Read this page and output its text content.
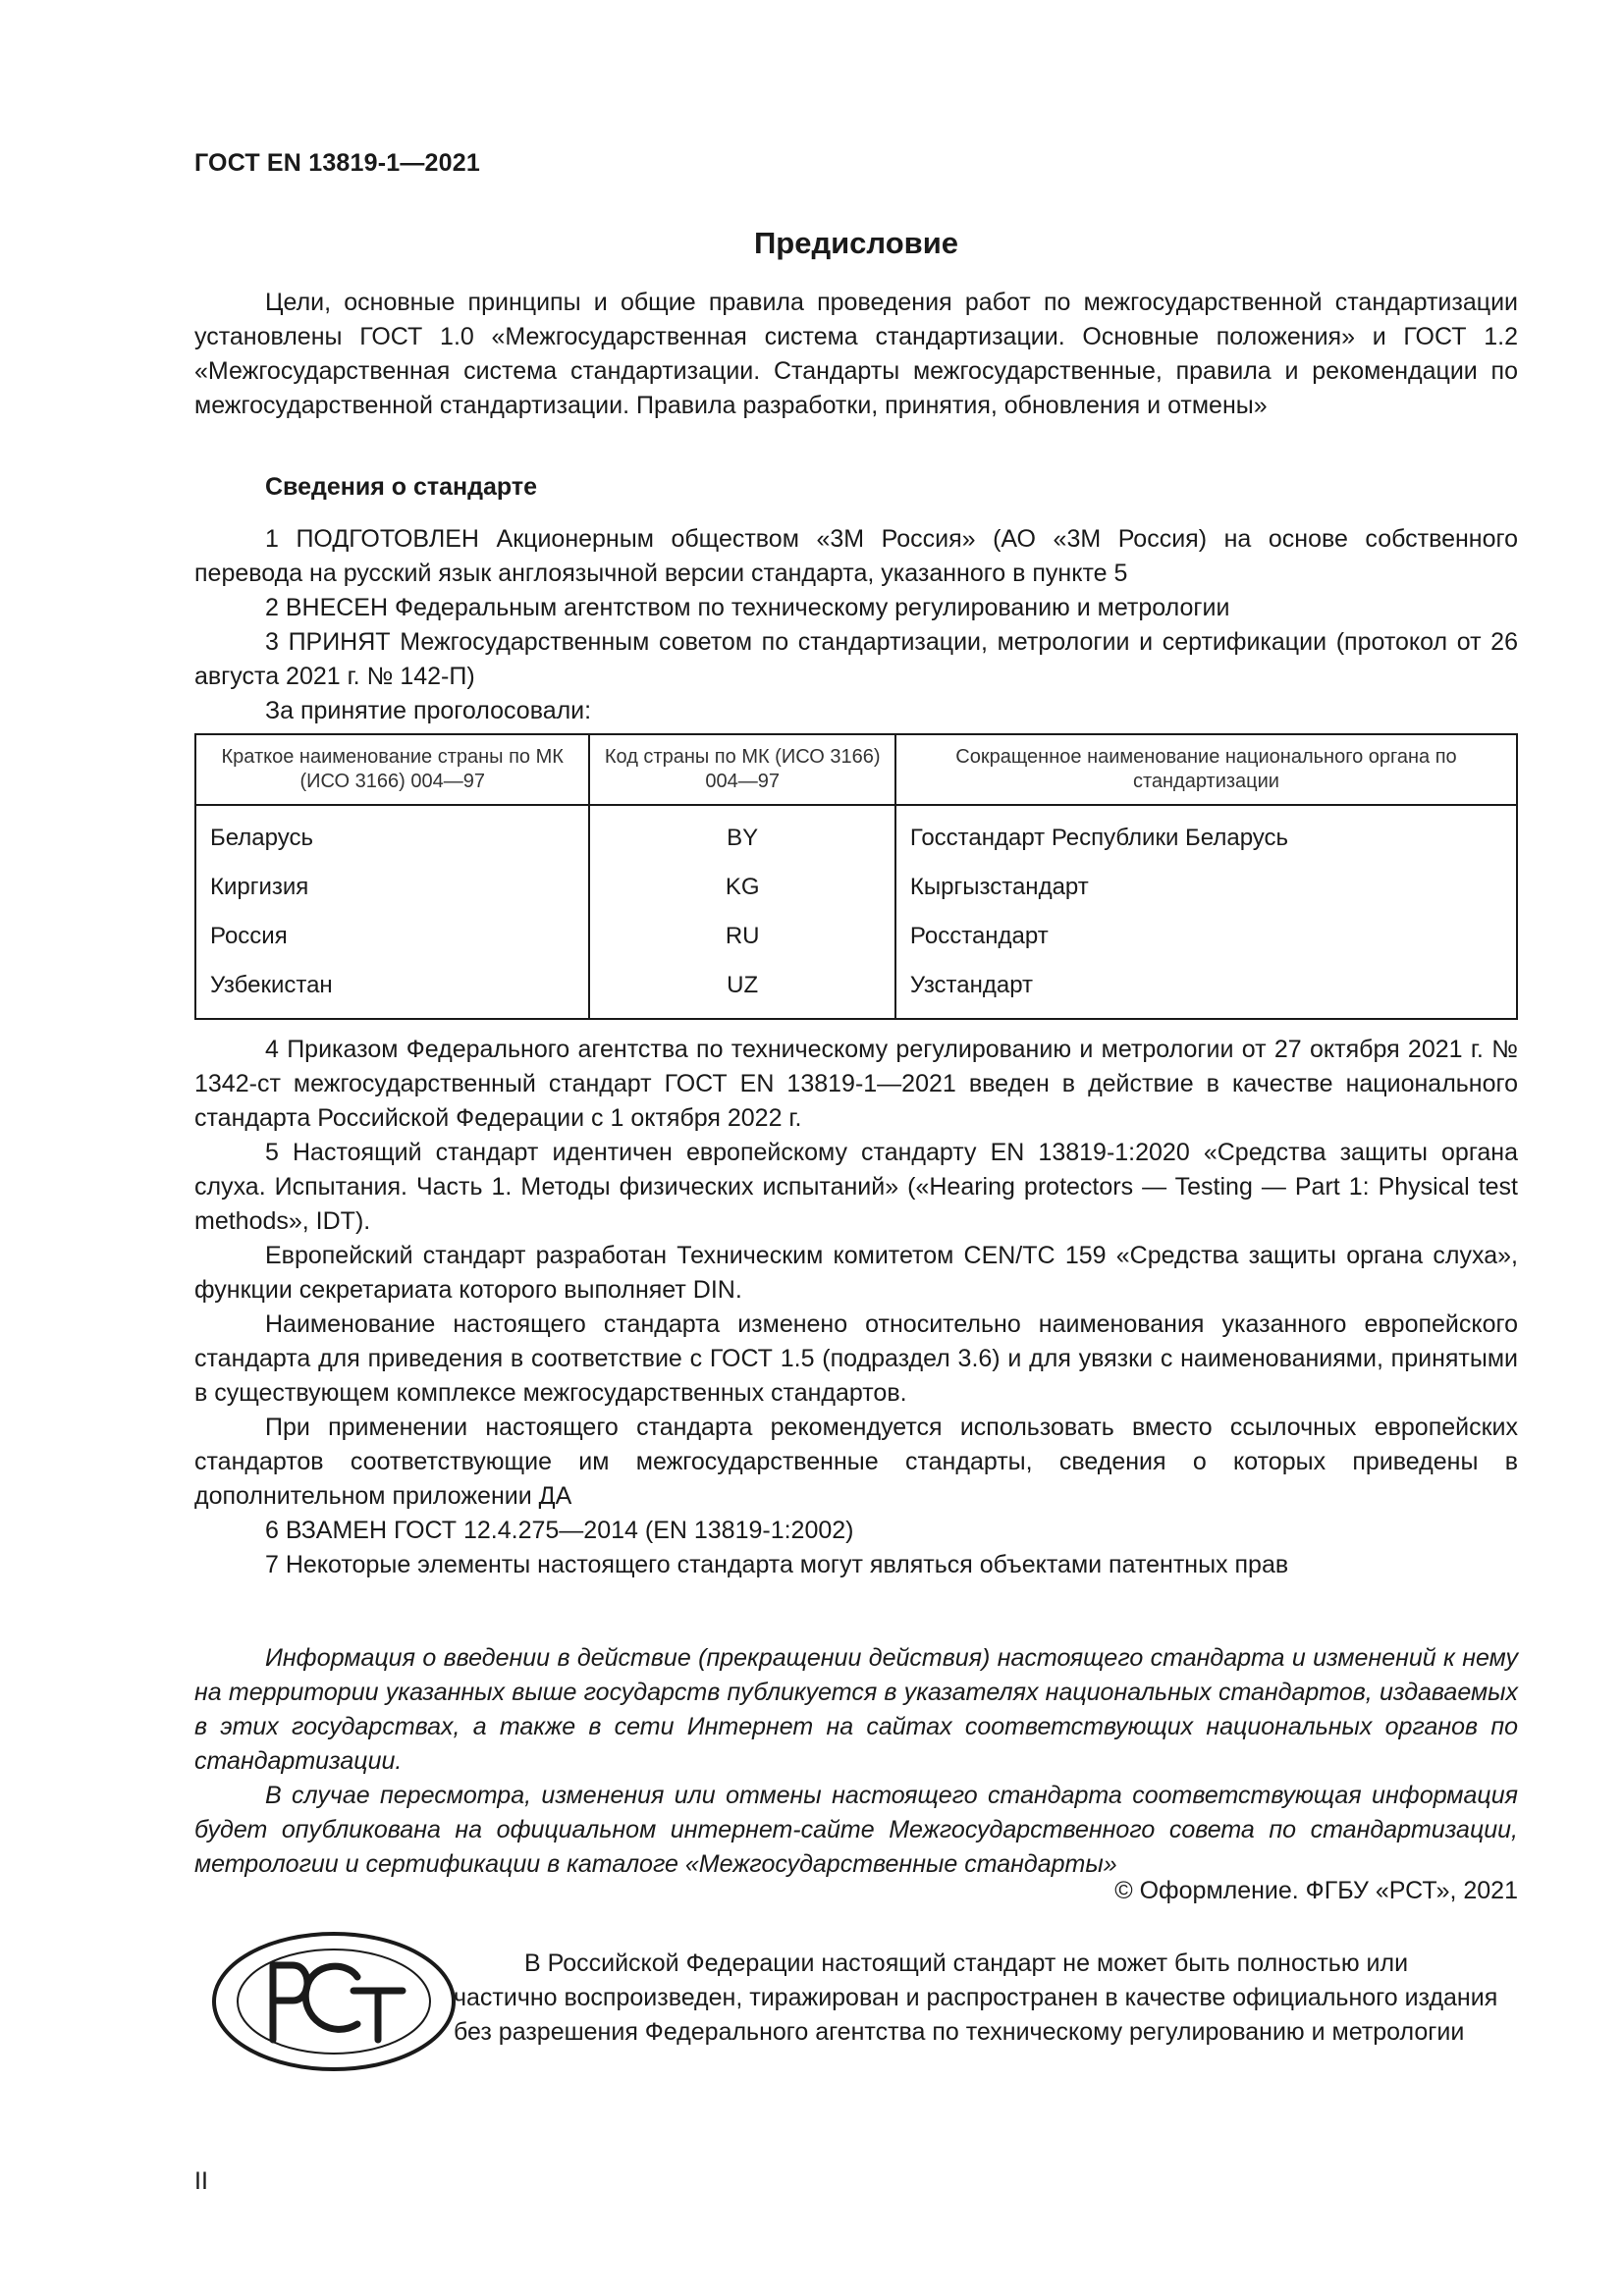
ГОСТ EN 13819-1—2021
Предисловие
Цели, основные принципы и общие правила проведения работ по межгосударственной стандартизации установлены ГОСТ 1.0 «Межгосударственная система стандартизации. Основные положения» и ГОСТ 1.2 «Межгосударственная система стандартизации. Стандарты межгосударственные, правила и рекомендации по межгосударственной стандартизации. Правила разработки, принятия, обновления и отмены»
Сведения о стандарте
1 ПОДГОТОВЛЕН Акционерным обществом «3М Россия» (АО «3М Россия) на основе собственного перевода на русский язык англоязычной версии стандарта, указанного в пункте 5
2 ВНЕСЕН Федеральным агентством по техническому регулированию и метрологии
3 ПРИНЯТ Межгосударственным советом по стандартизации, метрологии и сертификации (протокол от 26 августа 2021 г. № 142-П)
За принятие проголосовали:
Краткое наименование страны по МК (ИСО 3166) 004—97	Код страны по МК (ИСО 3166) 004—97	Сокращенное наименование национального органа по стандартизации
Беларусь	BY	Госстандарт Республики Беларусь
Киргизия	KG	Кыргызстандарт
Россия	RU	Росстандарт
Узбекистан	UZ	Узстандарт
4 Приказом Федерального агентства по техническому регулированию и метрологии от 27 октября 2021 г. № 1342-ст межгосударственный стандарт ГОСТ EN 13819-1—2021 введен в действие в качестве национального стандарта Российской Федерации с 1 октября 2022 г.
5 Настоящий стандарт идентичен европейскому стандарту EN 13819-1:2020 «Средства защиты органа слуха. Испытания. Часть 1. Методы физических испытаний» («Hearing protectors — Testing — Part 1: Physical test methods», IDT).
Европейский стандарт разработан Техническим комитетом CEN/TC 159 «Средства защиты органа слуха», функции секретариата которого выполняет DIN.
Наименование настоящего стандарта изменено относительно наименования указанного европейского стандарта для приведения в соответствие с ГОСТ 1.5 (подраздел 3.6) и для увязки с наименованиями, принятыми в существующем комплексе межгосударственных стандартов.
При применении настоящего стандарта рекомендуется использовать вместо ссылочных европейских стандартов соответствующие им межгосударственные стандарты, сведения о которых приведены в дополнительном приложении ДА
6 ВЗАМЕН ГОСТ 12.4.275—2014 (EN 13819-1:2002)
7 Некоторые элементы настоящего стандарта могут являться объектами патентных прав
Информация о введении в действие (прекращении действия) настоящего стандарта и изменений к нему на территории указанных выше государств публикуется в указателях национальных стандартов, издаваемых в этих государствах, а также в сети Интернет на сайтах соответствующих национальных органов по стандартизации.
В случае пересмотра, изменения или отмены настоящего стандарта соответствующая информация будет опубликована на официальном интернет-сайте Межгосударственного совета по стандартизации, метрологии и сертификации в каталоге «Межгосударственные стандарты»
© Оформление. ФГБУ «РСТ», 2021
В Российской Федерации настоящий стандарт не может быть полностью или частично воспроизведен, тиражирован и распространен в качестве официального издания без разрешения Федерального агентства по техническому регулированию и метрологии
II
